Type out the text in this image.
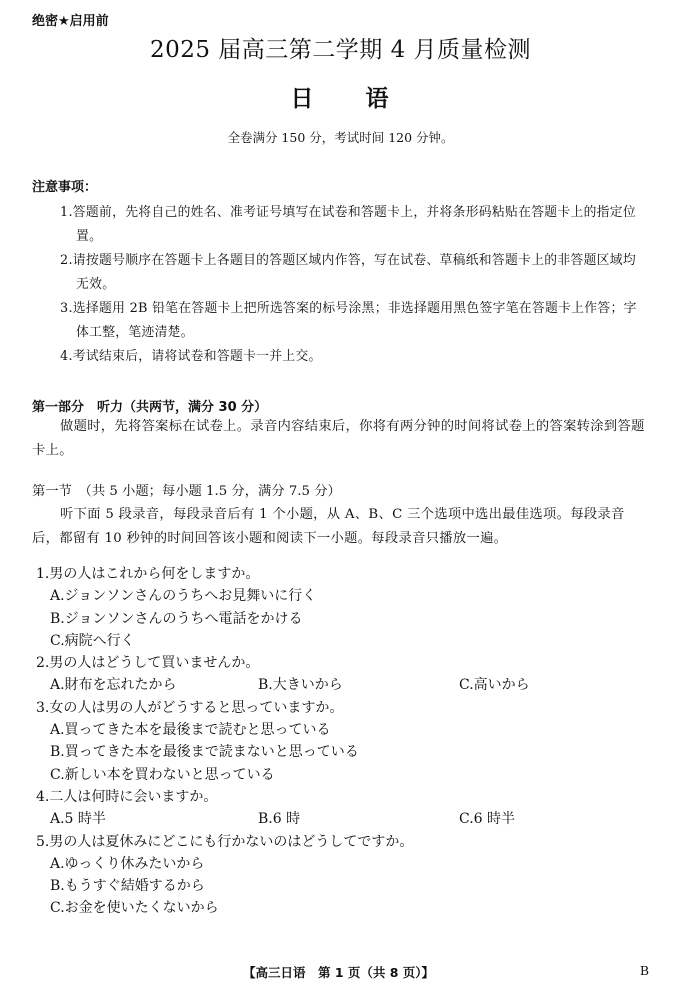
绝密★启用前
2025 届高三第二学期 4 月质量检测
日 语
全卷满分 150 分，考试时间 120 分钟。
注意事项：
1.答题前，先将自己的姓名、准考证号填写在试卷和答题卡上，并将条形码粘贴在答题卡上的指定位置。
2.请按题号顺序在答题卡上各题目的答题区域内作答，写在试卷、草稿纸和答题卡上的非答题区域均无效。
3.选择题用 2B 铅笔在答题卡上把所选答案的标号涂黑；非选择题用黑色签字笔在答题卡上作答；字体工整，笔迹清楚。
4.考试结束后，请将试卷和答题卡一并上交。
第一部分　听力（共两节，满分 30 分）
做题时，先将答案标在试卷上。录音内容结束后，你将有两分钟的时间将试卷上的答案转涂到答题卡上。
第一节　（共 5 小题；每小题 1.5 分，满分 7.5 分）
听下面 5 段录音，每段录音后有 1 个小题，从 A、B、C 三个选项中选出最佳选项。每段录音后，都留有 10 秒钟的时间回答该小题和阅读下一小题。每段录音只播放一遍。
1.男の人はこれから何をしますか。
A.ジョンソンさんのうちへお見舞いに行く
B.ジョンソンさんのうちへ電話をかける
C.病院へ行く
2.男の人はどうして買いませんか。
A.財布を忘れたから	B.大きいから	C.高いから
3.女の人は男の人がどうすると思っていますか。
A.買ってきた本を最後まで読むと思っている
B.買ってきた本を最後まで読まないと思っている
C.新しい本を買わないと思っている
4.二人は何時に会いますか。
A.5 時半	B.6 時	C.6 時半
5.男の人は夏休みにどこにも行かないのはどうしてですか。
A.ゆっくり休みたいから
B.もうすぐ結婚するから
C.お金を使いたくないから
【高三日语　第 1 页（共 8 页）】	B
